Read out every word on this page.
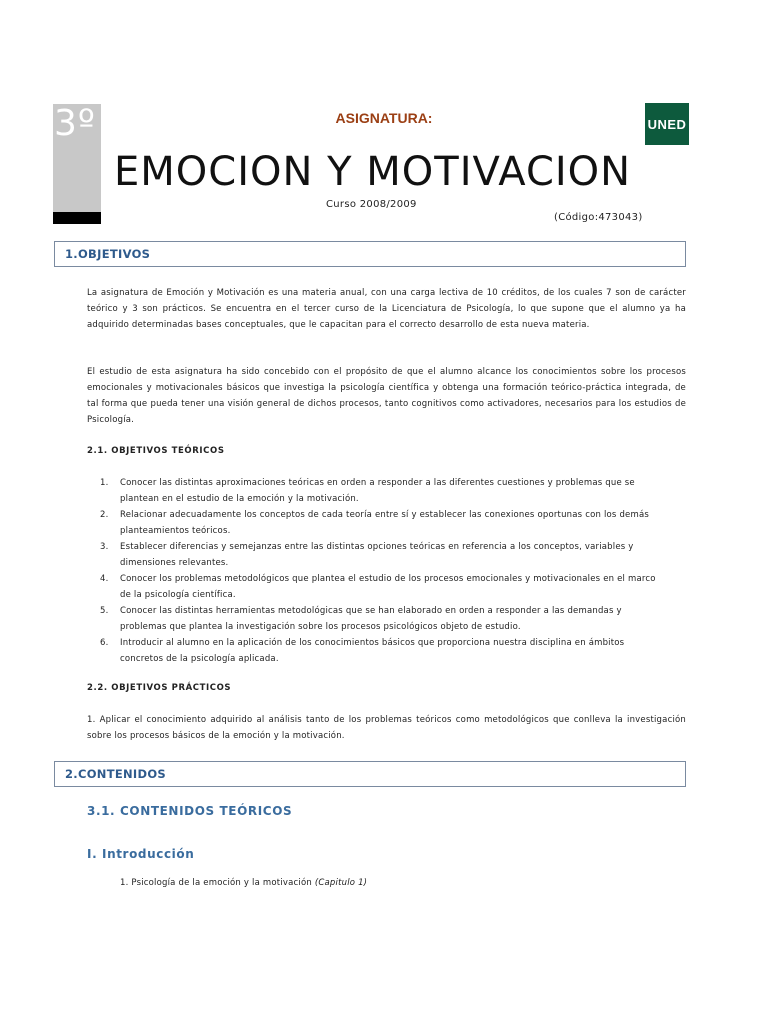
3º	ASIGNATURA:	UNED
EMOCION Y MOTIVACION
Curso 2008/2009
(Código:473043)
1.OBJETIVOS
La asignatura de Emoción y Motivación es una materia anual, con una carga lectiva de 10 créditos, de los cuales 7 son de carácter teórico y 3 son prácticos. Se encuentra en el tercer curso de la Licenciatura de Psicología, lo que supone que el alumno ya ha adquirido determinadas bases conceptuales, que le capacitan para el correcto desarrollo de esta nueva materia.
El estudio de esta asignatura ha sido concebido con el propósito de que el alumno alcance los conocimientos sobre los procesos emocionales y motivacionales básicos que investiga la psicología científica y obtenga una formación teórico-práctica integrada, de tal forma que pueda tener una visión general de dichos procesos, tanto cognitivos como activadores, necesarios para los estudios de Psicología.
2.1. OBJETIVOS TEÓRICOS
1. Conocer las distintas aproximaciones teóricas en orden a responder a las diferentes cuestiones y problemas que se plantean en el estudio de la emoción y la motivación.
2. Relacionar adecuadamente los conceptos de cada teoría entre sí y establecer las conexiones oportunas con los demás planteamientos teóricos.
3. Establecer diferencias y semejanzas entre las distintas opciones teóricas en referencia a los conceptos, variables y dimensiones relevantes.
4. Conocer los problemas metodológicos que plantea el estudio de los procesos emocionales y motivacionales en el marco de la psicología científica.
5. Conocer las distintas herramientas metodológicas que se han elaborado en orden a responder a las demandas y problemas que plantea la investigación sobre los procesos psicológicos objeto de estudio.
6. Introducir al alumno en la aplicación de los conocimientos básicos que proporciona nuestra disciplina en ámbitos concretos de la psicología aplicada.
2.2. OBJETIVOS PRÁCTICOS
1. Aplicar el conocimiento adquirido al análisis tanto de los problemas teóricos como metodológicos que conlleva la investigación sobre los procesos básicos de la emoción y la motivación.
2.CONTENIDOS
3.1. CONTENIDOS TEÓRICOS
I. Introducción
1. Psicología de la emoción y la motivación (Capitulo 1)
